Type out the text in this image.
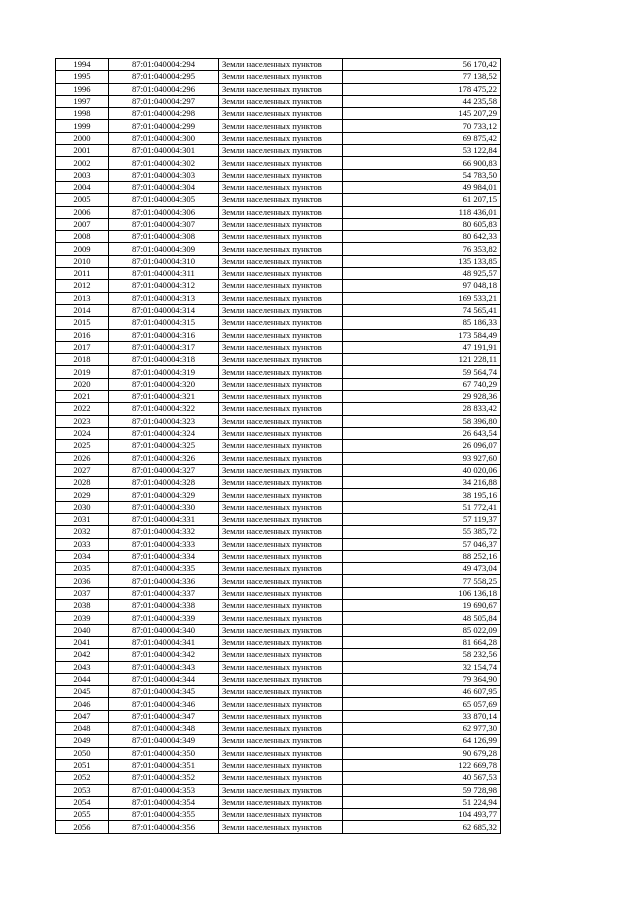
1994	87:01:040004:294	Земли населенных пунктов	56 170,42
1995	87:01:040004:295	Земли населенных пунктов	77 138,52
1996	87:01:040004:296	Земли населенных пунктов	178 475,22
1997	87:01:040004:297	Земли населенных пунктов	44 235,58
1998	87:01:040004:298	Земли населенных пунктов	145 207,29
1999	87:01:040004:299	Земли населенных пунктов	70 733,12
2000	87:01:040004:300	Земли населенных пунктов	69 875,42
2001	87:01:040004:301	Земли населенных пунктов	53 122,84
2002	87:01:040004:302	Земли населенных пунктов	66 900,83
2003	87:01:040004:303	Земли населенных пунктов	54 783,50
2004	87:01:040004:304	Земли населенных пунктов	49 984,01
2005	87:01:040004:305	Земли населенных пунктов	61 207,15
2006	87:01:040004:306	Земли населенных пунктов	118 436,01
2007	87:01:040004:307	Земли населенных пунктов	80 605,83
2008	87:01:040004:308	Земли населенных пунктов	80 642,33
2009	87:01:040004:309	Земли населенных пунктов	76 353,82
2010	87:01:040004:310	Земли населенных пунктов	135 133,85
2011	87:01:040004:311	Земли населенных пунктов	48 925,57
2012	87:01:040004:312	Земли населенных пунктов	97 048,18
2013	87:01:040004:313	Земли населенных пунктов	169 533,21
2014	87:01:040004:314	Земли населенных пунктов	74 565,41
2015	87:01:040004:315	Земли населенных пунктов	85 186,33
2016	87:01:040004:316	Земли населенных пунктов	173 584,49
2017	87:01:040004:317	Земли населенных пунктов	47 191,91
2018	87:01:040004:318	Земли населенных пунктов	121 228,11
2019	87:01:040004:319	Земли населенных пунктов	59 564,74
2020	87:01:040004:320	Земли населенных пунктов	67 740,29
2021	87:01:040004:321	Земли населенных пунктов	29 928,36
2022	87:01:040004:322	Земли населенных пунктов	28 833,42
2023	87:01:040004:323	Земли населенных пунктов	58 396,80
2024	87:01:040004:324	Земли населенных пунктов	26 643,54
2025	87:01:040004:325	Земли населенных пунктов	26 096,07
2026	87:01:040004:326	Земли населенных пунктов	93 927,60
2027	87:01:040004:327	Земли населенных пунктов	40 020,06
2028	87:01:040004:328	Земли населенных пунктов	34 216,88
2029	87:01:040004:329	Земли населенных пунктов	38 195,16
2030	87:01:040004:330	Земли населенных пунктов	51 772,41
2031	87:01:040004:331	Земли населенных пунктов	57 119,37
2032	87:01:040004:332	Земли населенных пунктов	55 385,72
2033	87:01:040004:333	Земли населенных пунктов	57 046,37
2034	87:01:040004:334	Земли населенных пунктов	88 252,16
2035	87:01:040004:335	Земли населенных пунктов	49 473,04
2036	87:01:040004:336	Земли населенных пунктов	77 558,25
2037	87:01:040004:337	Земли населенных пунктов	106 136,18
2038	87:01:040004:338	Земли населенных пунктов	19 690,67
2039	87:01:040004:339	Земли населенных пунктов	48 505,84
2040	87:01:040004:340	Земли населенных пунктов	85 022,09
2041	87:01:040004:341	Земли населенных пунктов	81 664,28
2042	87:01:040004:342	Земли населенных пунктов	58 232,56
2043	87:01:040004:343	Земли населенных пунктов	32 154,74
2044	87:01:040004:344	Земли населенных пунктов	79 364,90
2045	87:01:040004:345	Земли населенных пунктов	46 607,95
2046	87:01:040004:346	Земли населенных пунктов	65 057,69
2047	87:01:040004:347	Земли населенных пунктов	33 870,14
2048	87:01:040004:348	Земли населенных пунктов	62 977,30
2049	87:01:040004:349	Земли населенных пунктов	64 126,99
2050	87:01:040004:350	Земли населенных пунктов	90 679,28
2051	87:01:040004:351	Земли населенных пунктов	122 669,78
2052	87:01:040004:352	Земли населенных пунктов	40 567,53
2053	87:01:040004:353	Земли населенных пунктов	59 728,98
2054	87:01:040004:354	Земли населенных пунктов	51 224,94
2055	87:01:040004:355	Земли населенных пунктов	104 493,77
2056	87:01:040004:356	Земли населенных пунктов	62 685,32
